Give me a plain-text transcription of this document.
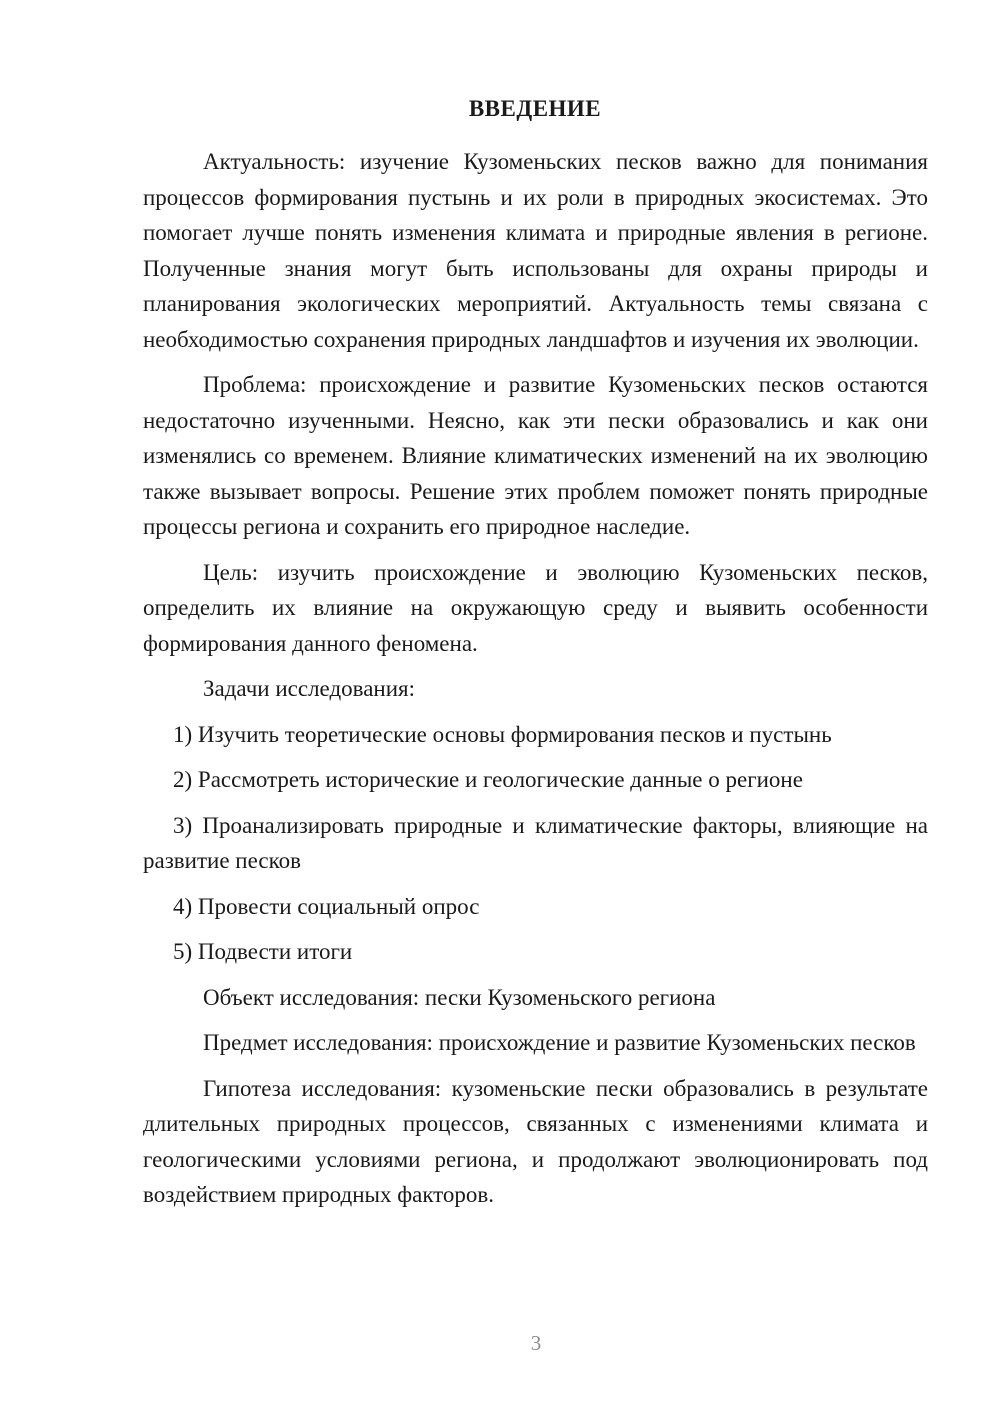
ВВЕДЕНИЕ

Актуальность: изучение Кузоменьских песков важно для понимания процессов формирования пустынь и их роли в природных экосистемах. Это помогает лучше понять изменения климата и природные явления в регионе. Полученные знания могут быть использованы для охраны природы и планирования экологических мероприятий. Актуальность темы связана с необходимостью сохранения природных ландшафтов и изучения их эволюции.

Проблема: происхождение и развитие Кузоменьских песков остаются недостаточно изученными. Неясно, как эти пески образовались и как они изменялись со временем. Влияние климатических изменений на их эволюцию также вызывает вопросы. Решение этих проблем поможет понять природные процессы региона и сохранить его природное наследие.

Цель: изучить происхождение и эволюцию Кузоменьских песков, определить их влияние на окружающую среду и выявить особенности формирования данного феномена.

Задачи исследования:

1) Изучить теоретические основы формирования песков и пустынь

2) Рассмотреть исторические и геологические данные о регионе

3) Проанализировать природные и климатические факторы, влияющие на развитие песков

4) Провести социальный опрос

5) Подвести итоги

Объект исследования: пески Кузоменьского региона

Предмет исследования: происхождение и развитие Кузоменьских песков

Гипотеза исследования: кузоменьские пески образовались в результате длительных природных процессов, связанных с изменениями климата и геологическими условиями региона, и продолжают эволюционировать под воздействием природных факторов.

3
